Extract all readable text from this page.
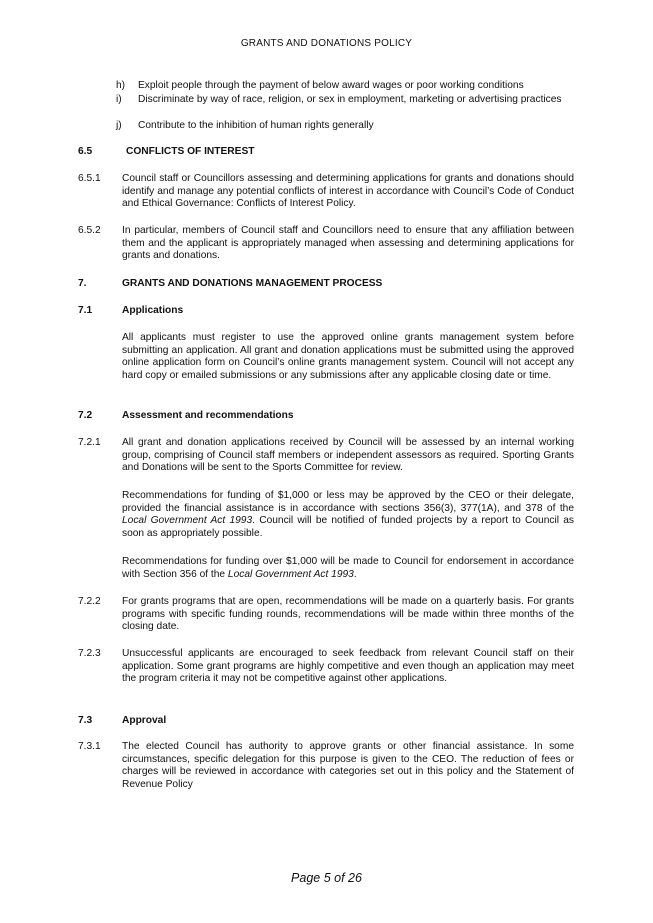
GRANTS AND DONATIONS POLICY
h) Exploit people through the payment of below award wages or poor working conditions
i) Discriminate by way of race, religion, or sex in employment, marketing or advertising practices
j) Contribute to the inhibition of human rights generally
6.5	CONFLICTS OF INTEREST
6.5.1 Council staff or Councillors assessing and determining applications for grants and donations should identify and manage any potential conflicts of interest in accordance with Council’s Code of Conduct and Ethical Governance: Conflicts of Interest Policy.
6.5.2 In particular, members of Council staff and Councillors need to ensure that any affiliation between them and the applicant is appropriately managed when assessing and determining applications for grants and donations.
7.	GRANTS AND DONATIONS MANAGEMENT PROCESS
7.1	Applications
All applicants must register to use the approved online grants management system before submitting an application. All grant and donation applications must be submitted using the approved online application form on Council’s online grants management system. Council will not accept any hard copy or emailed submissions or any submissions after any applicable closing date or time.
7.2	Assessment and recommendations
7.2.1 All grant and donation applications received by Council will be assessed by an internal working group, comprising of Council staff members or independent assessors as required. Sporting Grants and Donations will be sent to the Sports Committee for review.
Recommendations for funding of $1,000 or less may be approved by the CEO or their delegate, provided the financial assistance is in accordance with sections 356(3), 377(1A), and 378 of the Local Government Act 1993. Council will be notified of funded projects by a report to Council as soon as appropriately possible.
Recommendations for funding over $1,000 will be made to Council for endorsement in accordance with Section 356 of the Local Government Act 1993.
7.2.2 For grants programs that are open, recommendations will be made on a quarterly basis. For grants programs with specific funding rounds, recommendations will be made within three months of the closing date.
7.2.3 Unsuccessful applicants are encouraged to seek feedback from relevant Council staff on their application. Some grant programs are highly competitive and even though an application may meet the program criteria it may not be competitive against other applications.
7.3	Approval
7.3.1 The elected Council has authority to approve grants or other financial assistance. In some circumstances, specific delegation for this purpose is given to the CEO. The reduction of fees or charges will be reviewed in accordance with categories set out in this policy and the Statement of Revenue Policy
Page 5 of 26
